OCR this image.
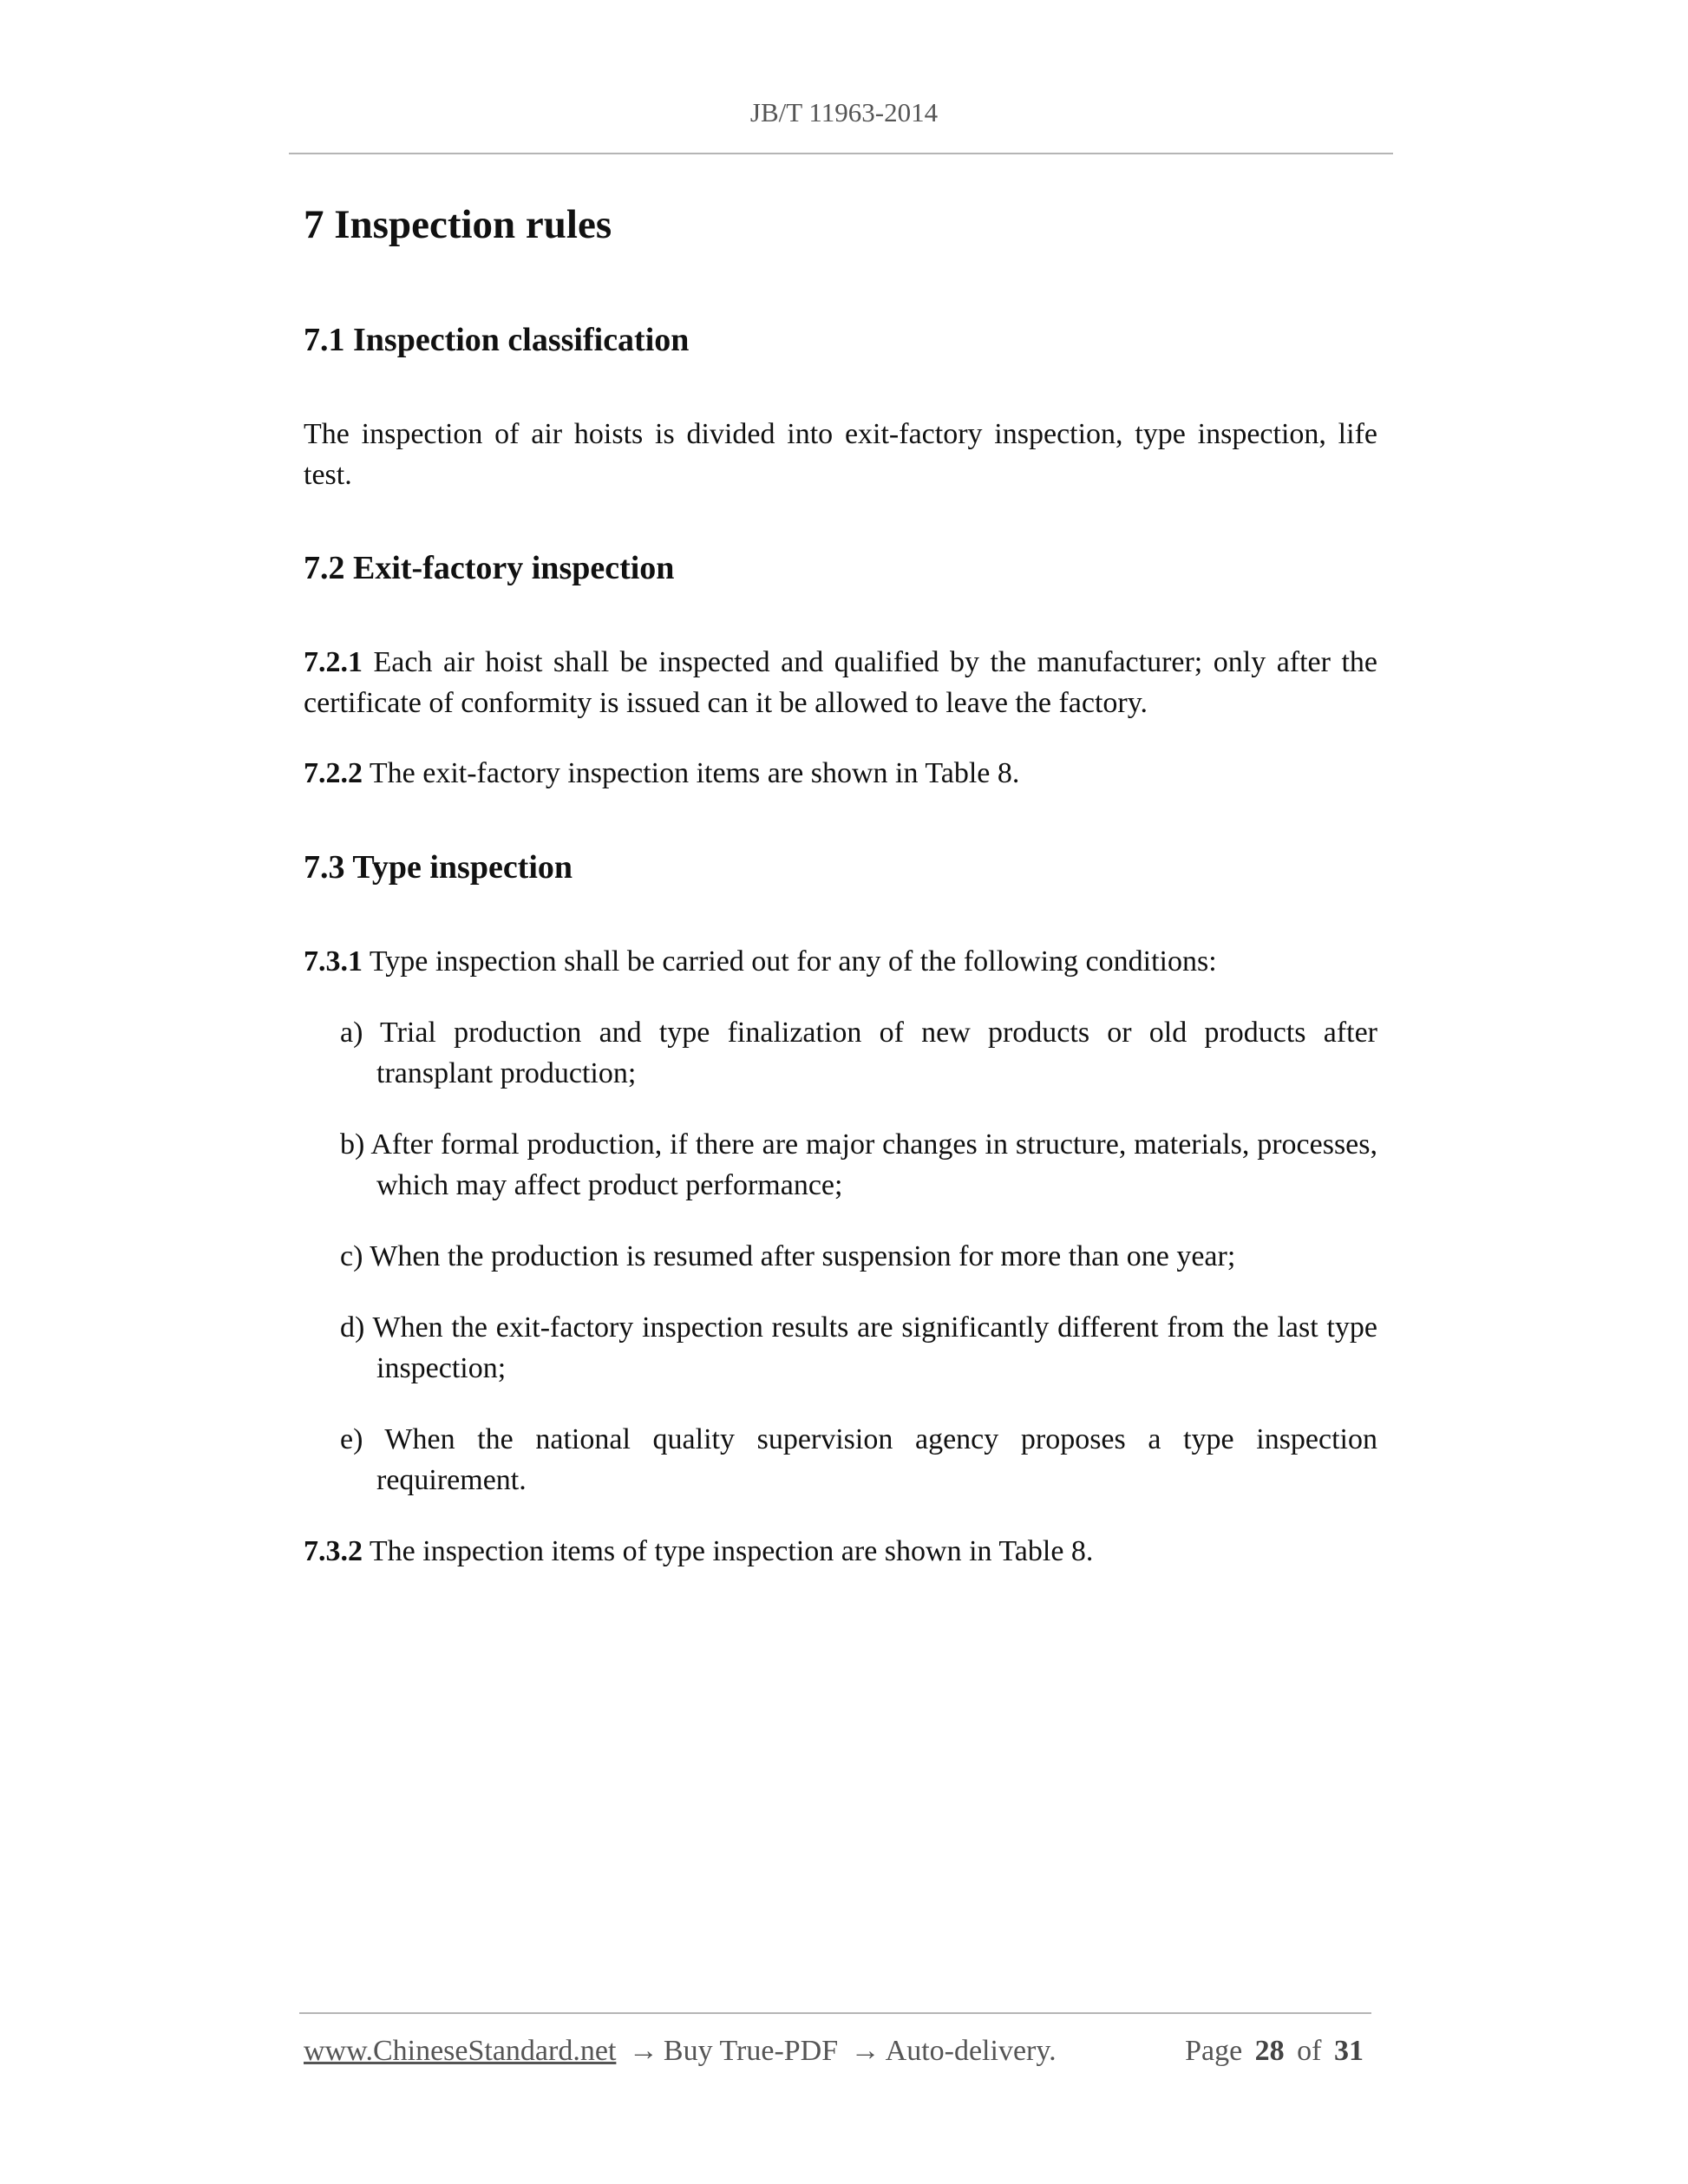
JB/T 11963-2014
7 Inspection rules
7.1 Inspection classification
The inspection of air hoists is divided into exit-factory inspection, type inspection, life test.
7.2 Exit-factory inspection
7.2.1 Each air hoist shall be inspected and qualified by the manufacturer; only after the certificate of conformity is issued can it be allowed to leave the factory.
7.2.2 The exit-factory inspection items are shown in Table 8.
7.3 Type inspection
7.3.1 Type inspection shall be carried out for any of the following conditions:
a) Trial production and type finalization of new products or old products after transplant production;
b) After formal production, if there are major changes in structure, materials, processes, which may affect product performance;
c) When the production is resumed after suspension for more than one year;
d) When the exit-factory inspection results are significantly different from the last type inspection;
e) When the national quality supervision agency proposes a type inspection requirement.
7.3.2 The inspection items of type inspection are shown in Table 8.
www.ChineseStandard.net → Buy True-PDF → Auto-delivery.	Page 28 of 31
